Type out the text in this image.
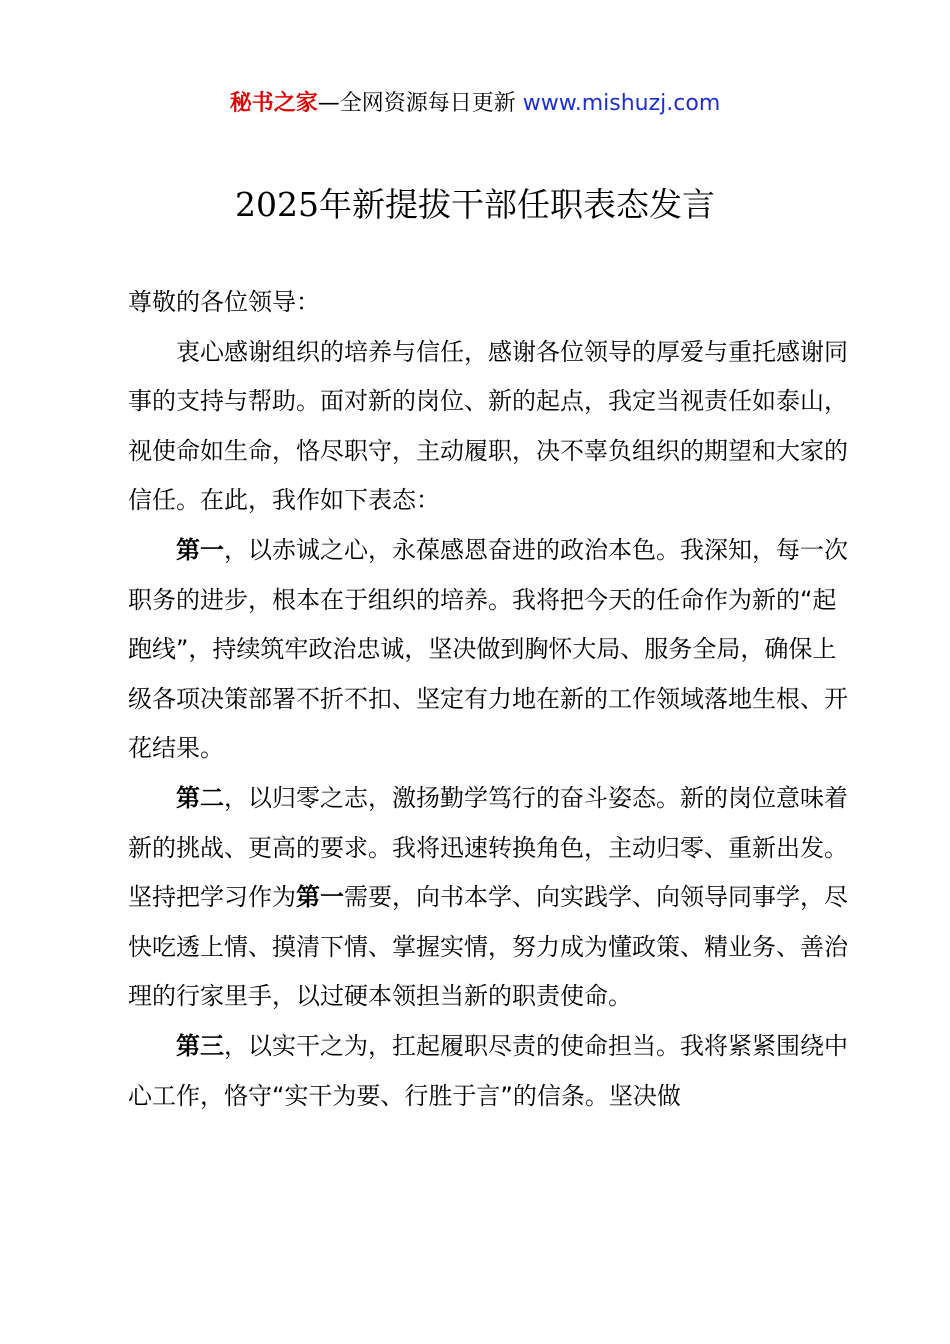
秘书之家—全网资源每日更新 www.mishuzj.com
2025年新提拔干部任职表态发言

尊敬的各位领导：

衷心感谢组织的培养与信任，感谢各位领导的厚爱与重托感谢同事的支持与帮助。面对新的岗位、新的起点，我定当视责任如泰山，视使命如生命，恪尽职守，主动履职，决不辜负组织的期望和大家的信任。在此，我作如下表态：

第一，以赤诚之心，永葆感恩奋进的政治本色。我深知，每一次职务的进步，根本在于组织的培养。我将把今天的任命作为新的“起跑线”，持续筑牢政治忠诚，坚决做到胸怀大局、服务全局，确保上级各项决策部署不折不扣、坚定有力地在新的工作领域落地生根、开花结果。

第二，以归零之志，激扬勤学笃行的奋斗姿态。新的岗位意味着新的挑战、更高的要求。我将迅速转换角色，主动归零、重新出发。坚持把学习作为第一需要，向书本学、向实践学、向领导同事学，尽快吃透上情、摸清下情、掌握实情，努力成为懂政策、精业务、善治理的行家里手，以过硬本领担当新的职责使命。

第三，以实干之为，扛起履职尽责的使命担当。我将紧紧围绕中心工作，恪守“实干为要、行胜于言”的信条。坚决做
